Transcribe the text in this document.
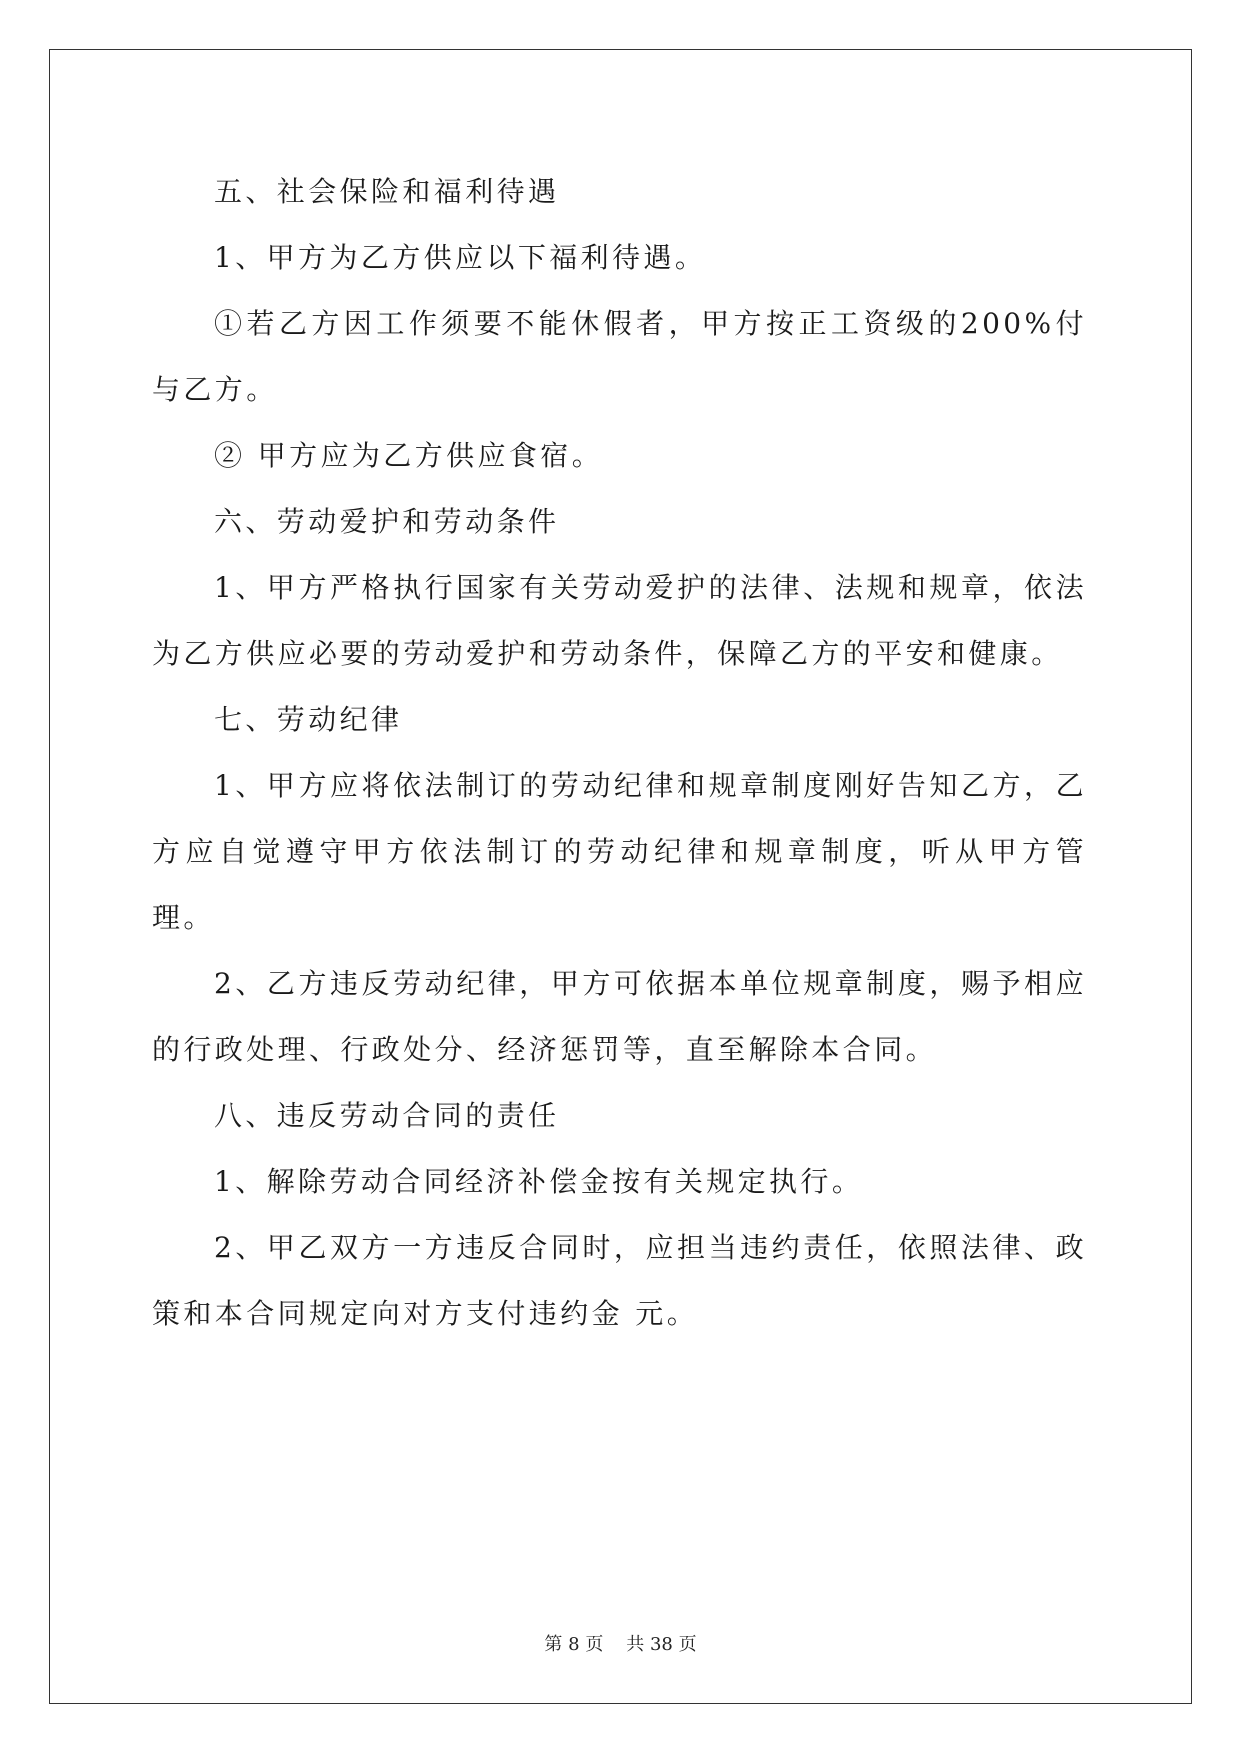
五、社会保险和福利待遇

1、甲方为乙方供应以下福利待遇。

①若乙方因工作须要不能休假者，甲方按正工资级的200%付与乙方。

② 甲方应为乙方供应食宿。

六、劳动爱护和劳动条件

1、甲方严格执行国家有关劳动爱护的法律、法规和规章，依法为乙方供应必要的劳动爱护和劳动条件，保障乙方的平安和健康。

七、劳动纪律

1、甲方应将依法制订的劳动纪律和规章制度刚好告知乙方，乙方应自觉遵守甲方依法制订的劳动纪律和规章制度，听从甲方管理。

2、乙方违反劳动纪律，甲方可依据本单位规章制度，赐予相应的行政处理、行政处分、经济惩罚等，直至解除本合同。

八、违反劳动合同的责任

1、解除劳动合同经济补偿金按有关规定执行。

2、甲乙双方一方违反合同时，应担当违约责任，依照法律、政策和本合同规定向对方支付违约金 元。

第 8 页 共 38 页
